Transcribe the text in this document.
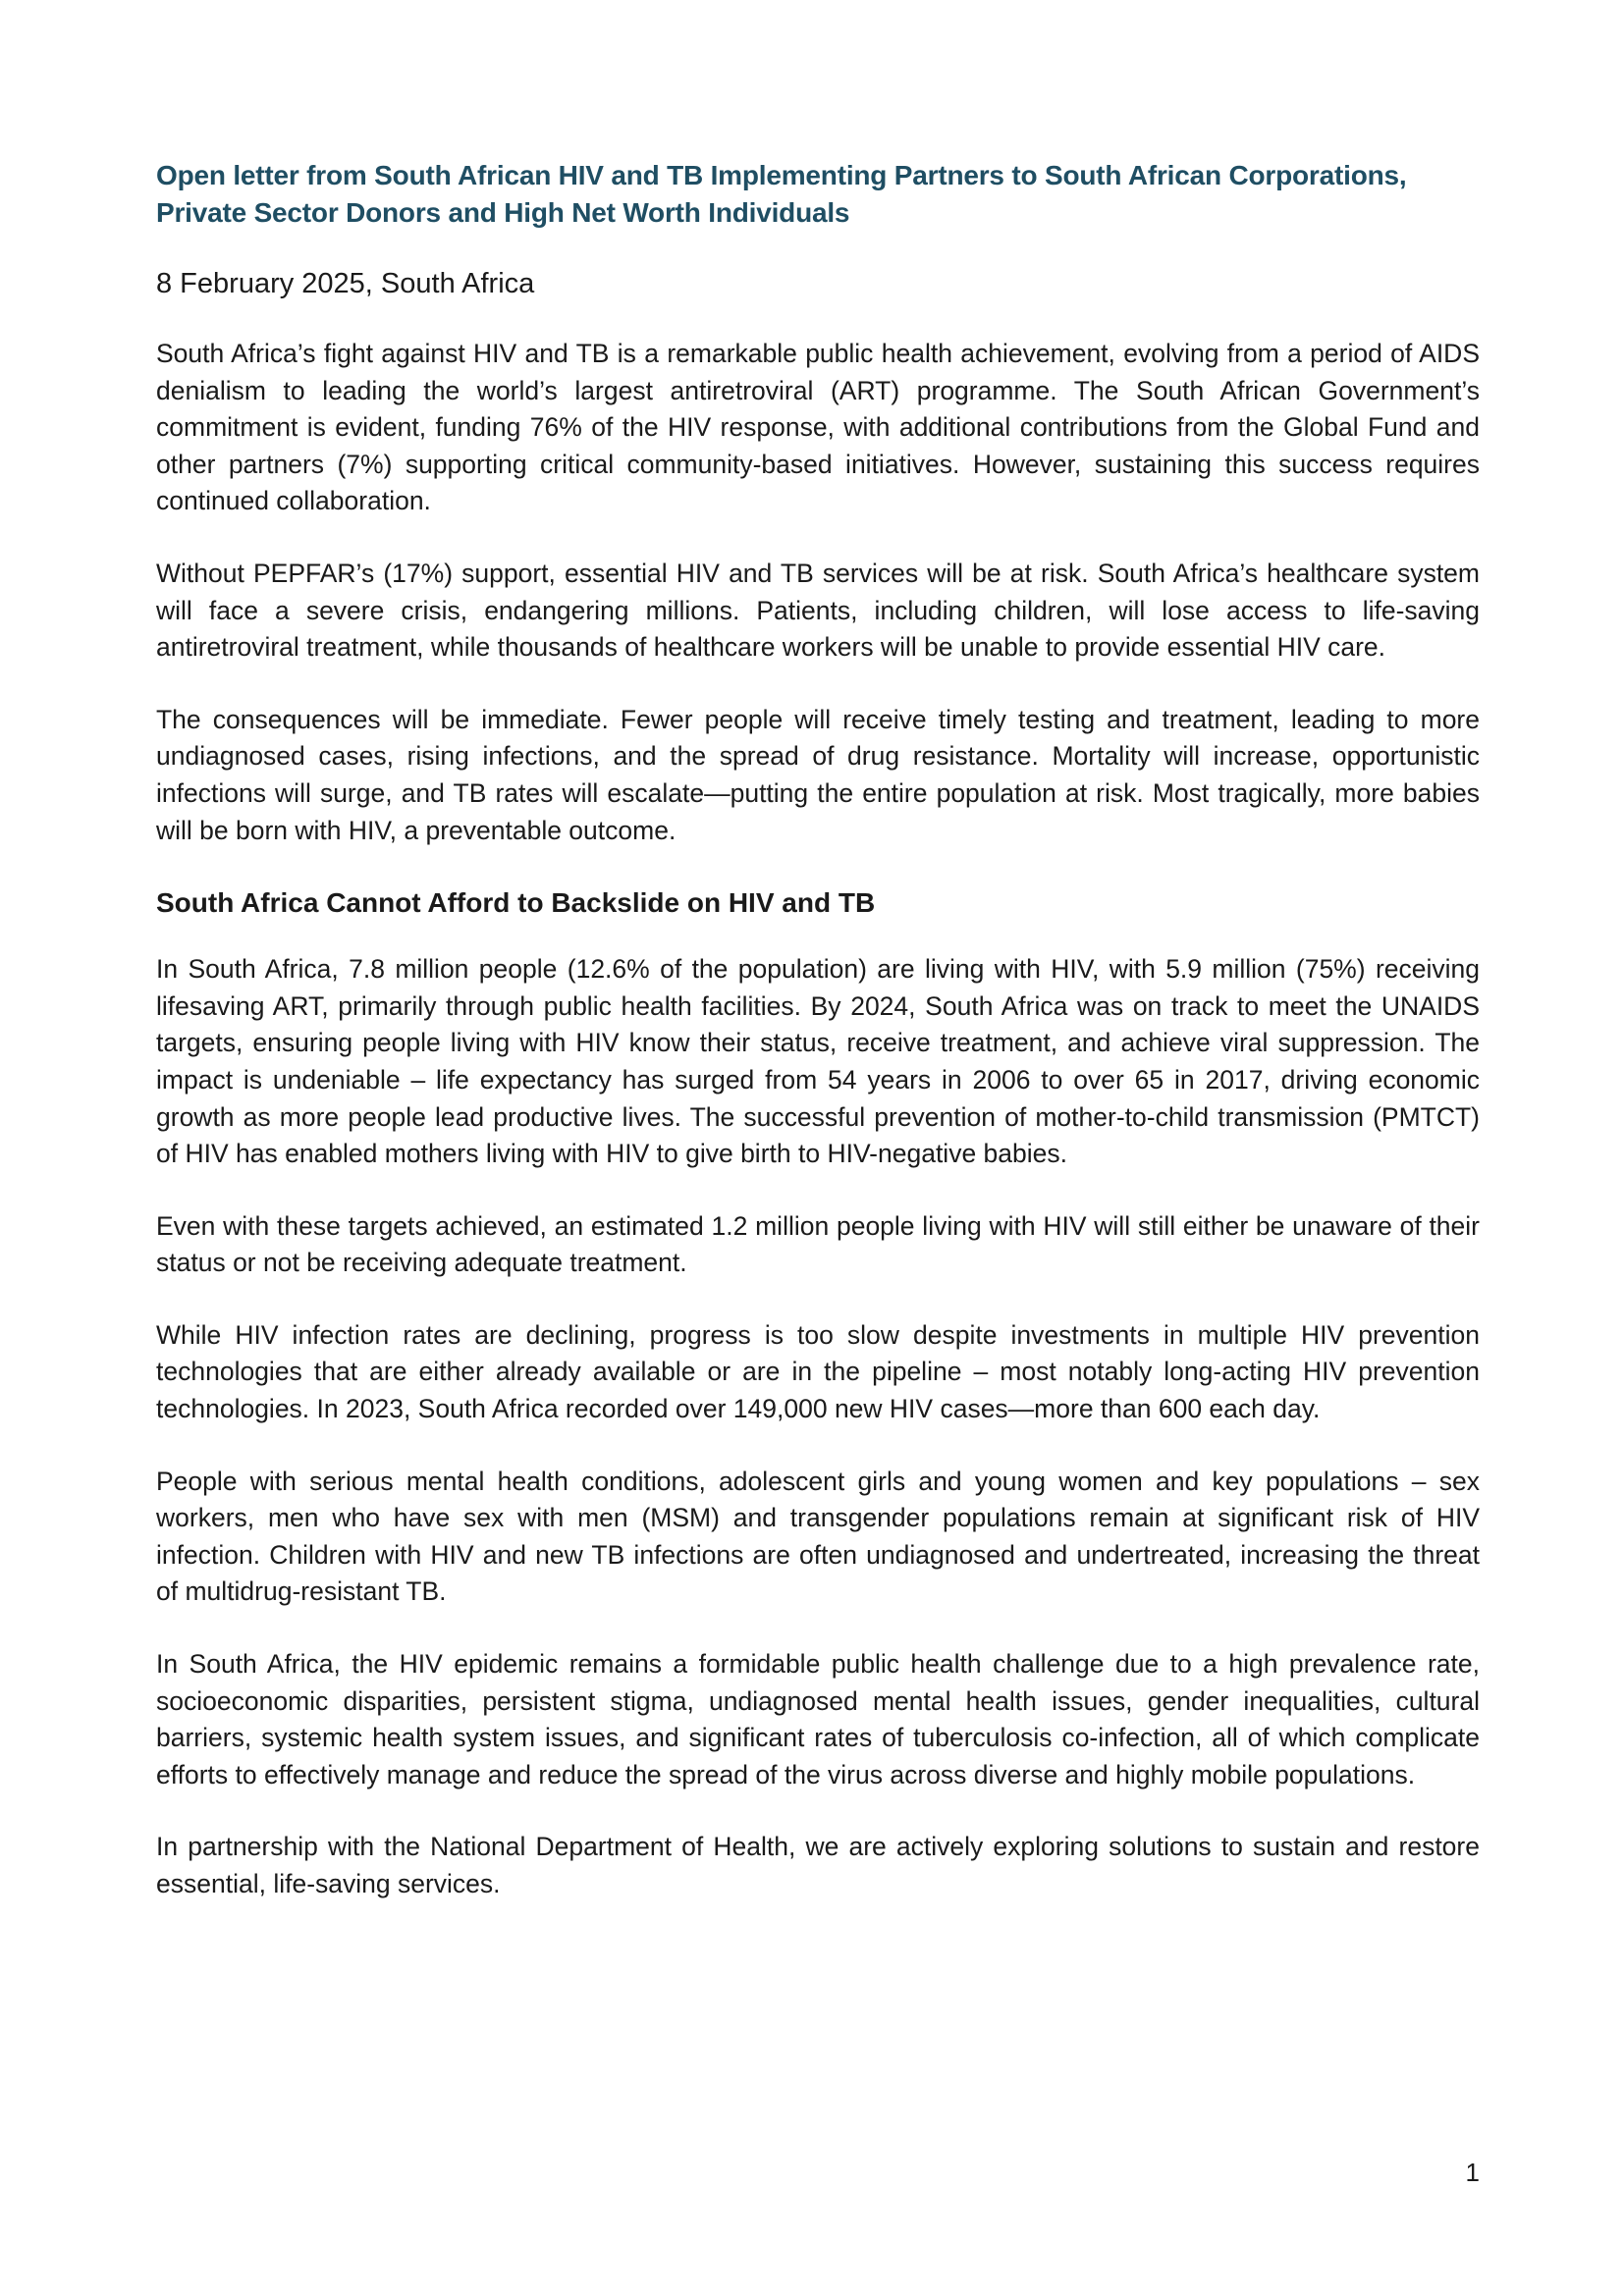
Open letter from South African HIV and TB Implementing Partners to South African Corporations, Private Sector Donors and High Net Worth Individuals

8 February 2025, South Africa

South Africa’s fight against HIV and TB is a remarkable public health achievement, evolving from a period of AIDS denialism to leading the world’s largest antiretroviral (ART) programme. The South African Government’s commitment is evident, funding 76% of the HIV response, with additional contributions from the Global Fund and other partners (7%) supporting critical community-based initiatives. However, sustaining this success requires continued collaboration.

Without PEPFAR’s (17%) support, essential HIV and TB services will be at risk. South Africa’s healthcare system will face a severe crisis, endangering millions. Patients, including children, will lose access to life-saving antiretroviral treatment, while thousands of healthcare workers will be unable to provide essential HIV care.

The consequences will be immediate. Fewer people will receive timely testing and treatment, leading to more undiagnosed cases, rising infections, and the spread of drug resistance. Mortality will increase, opportunistic infections will surge, and TB rates will escalate—putting the entire population at risk. Most tragically, more babies will be born with HIV, a preventable outcome.

South Africa Cannot Afford to Backslide on HIV and TB

In South Africa, 7.8 million people (12.6% of the population) are living with HIV, with 5.9 million (75%) receiving lifesaving ART, primarily through public health facilities. By 2024, South Africa was on track to meet the UNAIDS targets, ensuring people living with HIV know their status, receive treatment, and achieve viral suppression. The impact is undeniable – life expectancy has surged from 54 years in 2006 to over 65 in 2017, driving economic growth as more people lead productive lives. The successful prevention of mother-to-child transmission (PMTCT) of HIV has enabled mothers living with HIV to give birth to HIV-negative babies.

Even with these targets achieved, an estimated 1.2 million people living with HIV will still either be unaware of their status or not be receiving adequate treatment.

While HIV infection rates are declining, progress is too slow despite investments in multiple HIV prevention technologies that are either already available or are in the pipeline – most notably long-acting HIV prevention technologies. In 2023, South Africa recorded over 149,000 new HIV cases—more than 600 each day.

People with serious mental health conditions, adolescent girls and young women and key populations – sex workers, men who have sex with men (MSM) and transgender populations remain at significant risk of HIV infection. Children with HIV and new TB infections are often undiagnosed and undertreated, increasing the threat of multidrug-resistant TB.

In South Africa, the HIV epidemic remains a formidable public health challenge due to a high prevalence rate, socioeconomic disparities, persistent stigma, undiagnosed mental health issues, gender inequalities, cultural barriers, systemic health system issues, and significant rates of tuberculosis co-infection, all of which complicate efforts to effectively manage and reduce the spread of the virus across diverse and highly mobile populations.

In partnership with the National Department of Health, we are actively exploring solutions to sustain and restore essential, life-saving services.

1
